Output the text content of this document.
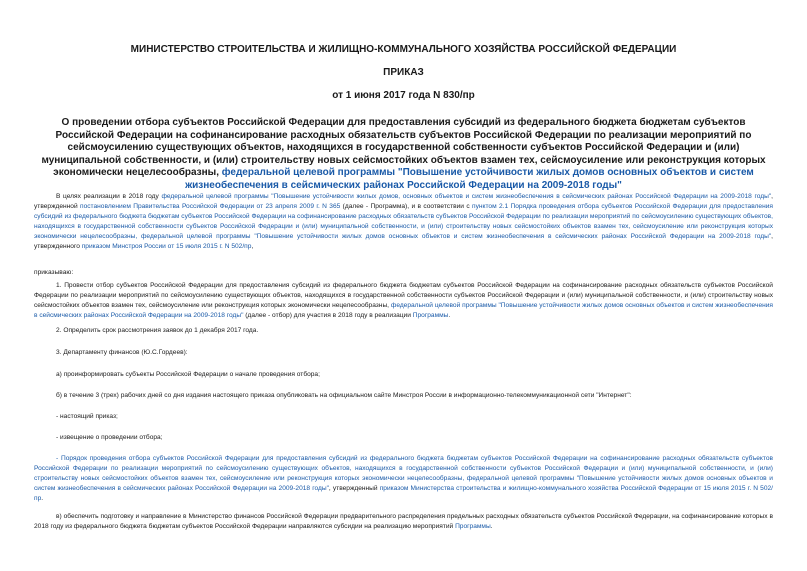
МИНИСТЕРСТВО СТРОИТЕЛЬСТВА И ЖИЛИЩНО-КОММУНАЛЬНОГО ХОЗЯЙСТВА РОССИЙСКОЙ ФЕДЕРАЦИИ
ПРИКАЗ
от 1 июня 2017 года N 830/пр
О проведении отбора субъектов Российской Федерации для предоставления субсидий из федерального бюджета бюджетам субъектов Российской Федерации на софинансирование расходных обязательств субъектов Российской Федерации по реализации мероприятий по сейсмоусилению существующих объектов, находящихся в государственной собственности субъектов Российской Федерации и (или) муниципальной собственности, и (или) строительству новых сейсмостойких объектов взамен тех, сейсмоусиление или реконструкция которых экономически нецелесообразны, федеральной целевой программы "Повышение устойчивости жилых домов основных объектов и систем жизнеобеспечения в сейсмических районах Российской Федерации на 2009-2018 годы"
В целях реализации в 2018 году федеральной целевой программы "Повышение устойчивости жилых домов, основных объектов и систем жизнеобеспечения в сейсмических районах Российской Федерации на 2009-2018 годы", утвержденной постановлением Правительства Российской Федерации от 23 апреля 2009 г. N 365 (далее - Программа), и в соответствии с пунктом 2.1 Порядка проведения отбора субъектов Российской Федерации для предоставления субсидий из федерального бюджета бюджетам субъектов Российской Федерации на софинансирование расходных обязательств субъектов Российской Федерации по реализации мероприятий по сейсмоусилению существующих объектов, находящихся в государственной собственности субъектов Российской Федерации и (или) муниципальной собственности, и (или) строительству новых сейсмостойких объектов взамен тех, сейсмоусиление или реконструкция которых экономически нецелесообразны, федеральной целевой программы "Повышение устойчивости жилых домов основных объектов и систем жизнеобеспечения в сейсмических районах Российской Федерации на 2009-2018 годы", утвержденного приказом Минстроя России от 15 июля 2015 г. N 502/пр,
приказываю:
1. Провести отбор субъектов Российской Федерации для предоставления субсидий из федерального бюджета бюджетам субъектов Российской Федерации на софинансирование расходных обязательств субъектов Российской Федерации по реализации мероприятий по сейсмоусилению существующих объектов, находящихся в государственной собственности субъектов Российской Федерации и (или) муниципальной собственности, и (или) строительству новых сейсмостойких объектов взамен тех, сейсмоусиление или реконструкция которых экономически нецелесообразны, федеральной целевой программы "Повышение устойчивости жилых домов основных объектов и систем жизнеобеспечения в сейсмических районах Российской Федерации на 2009-2018 годы" (далее - отбор) для участия в 2018 году в реализации Программы.
2. Определить срок рассмотрения заявок до 1 декабря 2017 года.
3. Департаменту финансов (Ю.С.Гордеев):
а) проинформировать субъекты Российской Федерации о начале проведения отбора;
б) в течение 3 (трех) рабочих дней со дня издания настоящего приказа опубликовать на официальном сайте Минстроя России в информационно-телекоммуникационной сети "Интернет":
- настоящий приказ;
- извещение о проведении отбора;
- Порядок проведения отбора субъектов Российской Федерации для предоставления субсидий из федерального бюджета бюджетам субъектов Российской Федерации на софинансирование расходных обязательств субъектов Российской Федерации по реализации мероприятий по сейсмоусилению существующих объектов, находящихся в государственной собственности субъектов Российской Федерации и (или) муниципальной собственности, и (или) строительству новых сейсмостойких объектов взамен тех, сейсмоусиление или реконструкция которых экономически нецелесообразны, федеральной целевой программы "Повышение устойчивости жилых домов основных объектов и систем жизнеобеспечения в сейсмических районах Российской Федерации на 2009-2018 годы", утвержденный приказом Министерства строительства и жилищно-коммунального хозяйства Российской Федерации от 15 июля 2015 г. N 502/пр.
в) обеспечить подготовку и направление в Министерство финансов Российской Федерации предварительного распределения предельных расходных обязательств субъектов Российской Федерации, на софинансирование которых в 2018 году из федерального бюджета бюджетам субъектов Российской Федерации направляются субсидии на реализацию мероприятий Программы.
